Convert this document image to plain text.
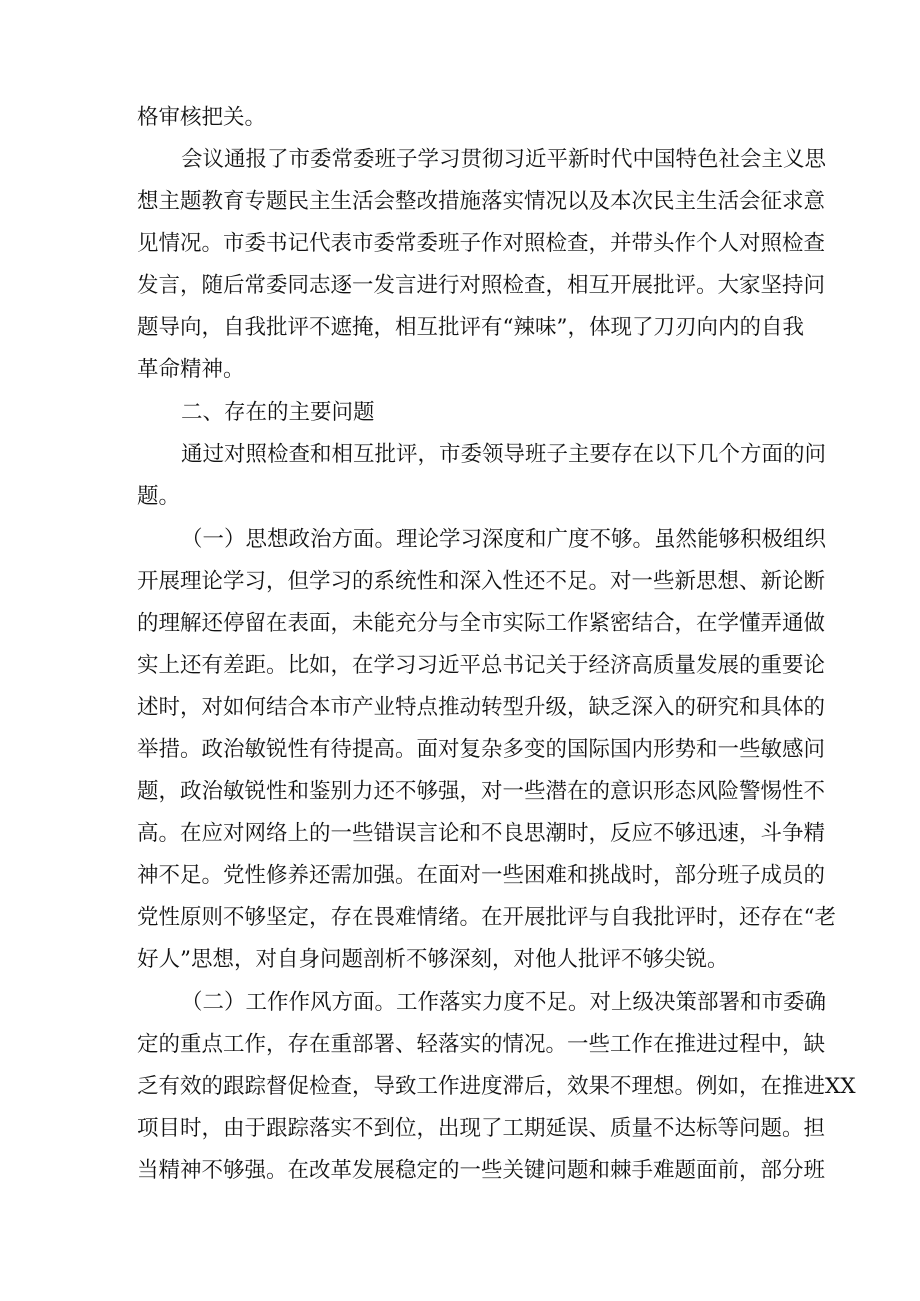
格审核把关。
会议通报了市委常委班子学习贯彻习近平新时代中国特色社会主义思
想主题教育专题民主生活会整改措施落实情况以及本次民主生活会征求意
见情况。市委书记代表市委常委班子作对照检查，并带头作个人对照检查
发言，随后常委同志逐一发言进行对照检查，相互开展批评。大家坚持问
题导向，自我批评不遮掩，相互批评有“辣味”，体现了刀刃向内的自我
革命精神。
二、存在的主要问题
通过对照检查和相互批评，市委领导班子主要存在以下几个方面的问
题。
（一）思想政治方面。理论学习深度和广度不够。虽然能够积极组织
开展理论学习，但学习的系统性和深入性还不足。对一些新思想、新论断
的理解还停留在表面，未能充分与全市实际工作紧密结合，在学懂弄通做
实上还有差距。比如，在学习习近平总书记关于经济高质量发展的重要论
述时，对如何结合本市产业特点推动转型升级，缺乏深入的研究和具体的
举措。政治敏锐性有待提高。面对复杂多变的国际国内形势和一些敏感问
题，政治敏锐性和鉴别力还不够强，对一些潜在的意识形态风险警惕性不
高。在应对网络上的一些错误言论和不良思潮时，反应不够迅速，斗争精
神不足。党性修养还需加强。在面对一些困难和挑战时，部分班子成员的
党性原则不够坚定，存在畏难情绪。在开展批评与自我批评时，还存在“老
好人”思想，对自身问题剖析不够深刻，对他人批评不够尖锐。
（二）工作作风方面。工作落实力度不足。对上级决策部署和市委确
定的重点工作，存在重部署、轻落实的情况。一些工作在推进过程中，缺
乏有效的跟踪督促检查，导致工作进度滞后，效果不理想。例如，在推进XX
项目时，由于跟踪落实不到位，出现了工期延误、质量不达标等问题。担
当精神不够强。在改革发展稳定的一些关键问题和棘手难题面前，部分班
